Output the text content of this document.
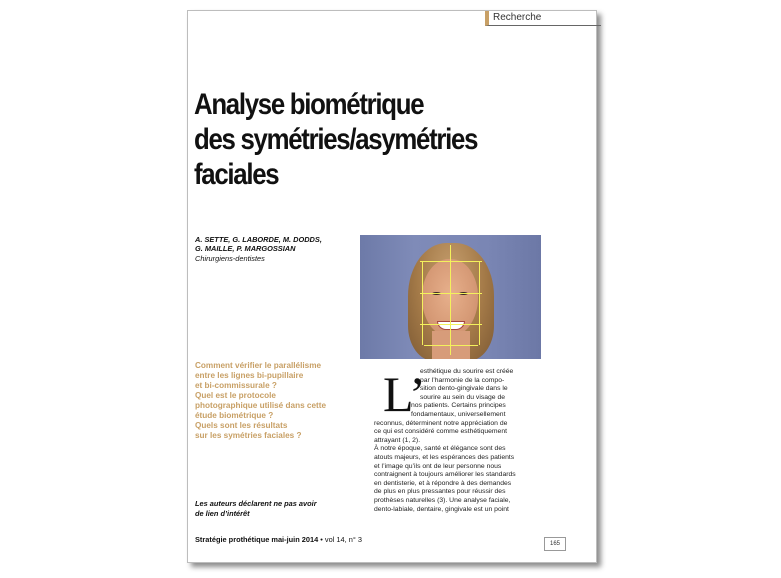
Recherche
Analyse biométrique
des symétries/asymétries
faciales
A. SETTE, G. LABORDE, M. DODDS,
G. MAILLE, P. MARGOSSIAN
Chirurgiens-dentistes
Comment vérifier le parallélisme
entre les lignes bi-pupillaire
et bi-commissurale ?
Quel est le protocole
photographique utilisé dans cette
étude biométrique ?
Quels sont les résultats
sur les symétries faciales ?
Les auteurs déclarent ne pas avoir
de lien d’intérêt
L’

esthétique du sourire est créée

par l’harmonie de la compo-

sition dento-gingivale dans le

sourire au sein du visage de

nos patients. Certains principes

fondamentaux, universellement

reconnus, déterminent notre appréciation de

ce qui est considéré comme esthétiquement

attrayant (1, 2).

À notre époque, santé et élégance sont des

atouts majeurs, et les espérances des patients

et l’image qu’ils ont de leur personne nous

contraignent à toujours améliorer les standards

en dentisterie, et à répondre à des demandes

de plus en plus pressantes pour réussir des

prothèses naturelles (3). Une analyse faciale,

dento-labiale, dentaire, gingivale est un point

Stratégie prothétique mai-juin 2014 • vol 14, n° 3	165
